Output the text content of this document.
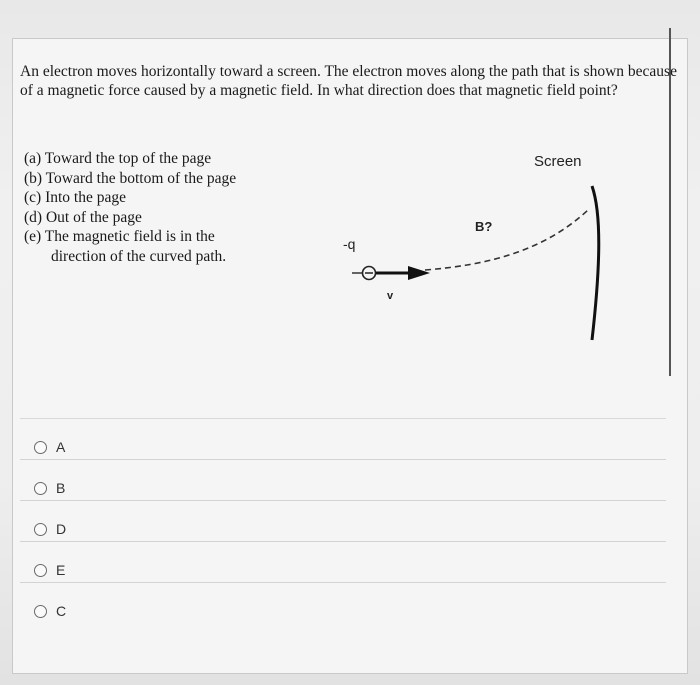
An electron moves horizontally toward a screen. The electron moves along the path that is shown because of a magnetic force caused by a magnetic field. In what direction does that magnetic field point?

(a) Toward the top of the page
(b) Toward the bottom of the page
(c) Into the page
(d) Out of the page
(e) The magnetic field is in the
direction of the curved path.
Screen
B?
-q
v
A
B
D
E
C
